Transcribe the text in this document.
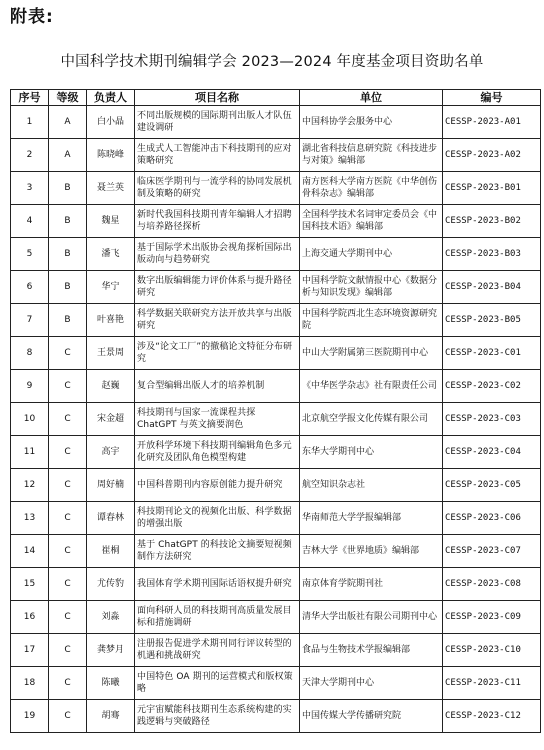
附表:
中国科学技术期刊编辑学会 2023—2024 年度基金项目资助名单
序号	等级	负责人	项目名称	单位	编号
1	A	白小晶	不同出版规模的国际期刊出版人才队伍建设调研	中国科协学会服务中心	CESSP-2023-A01
2	A	陈晓峰	生成式人工智能冲击下科技期刊的应对策略研究	湖北省科技信息研究院《科技进步与对策》编辑部	CESSP-2023-A02
3	B	聂兰英	临床医学期刊与一流学科的协同发展机制及策略的研究	南方医科大学南方医院《中华创伤骨科杂志》编辑部	CESSP-2023-B01
4	B	魏星	新时代我国科技期刊青年编辑人才招聘与培养路径探析	全国科学技术名词审定委员会《中国科技术语》编辑部	CESSP-2023-B02
5	B	潘飞	基于国际学术出版协会视角探析国际出版动向与趋势研究	上海交通大学期刊中心	CESSP-2023-B03
6	B	华宁	数字出版编辑能力评价体系与提升路径研究	中国科学院文献情报中心《数据分析与知识发现》编辑部	CESSP-2023-B04
7	B	叶喜艳	科学数据关联研究方法开放共享与出版研究	中国科学院西北生态环境资源研究院	CESSP-2023-B05
8	C	王景周	涉及“论文工厂”的撤稿论文特征分布研究	中山大学附属第三医院期刊中心	CESSP-2023-C01
9	C	赵巍	复合型编辑出版人才的培养机制	《中华医学杂志》社有限责任公司	CESSP-2023-C02
10	C	宋金超	科技期刊与国家一流课程共探 ChatGPT 与英文摘要润色	北京航空学报文化传媒有限公司	CESSP-2023-C03
11	C	高宇	开放科学环境下科技期刊编辑角色多元化研究及团队角色模型构建	东华大学期刊中心	CESSP-2023-C04
12	C	周好楠	中国科普期刊内容原创能力提升研究	航空知识杂志社	CESSP-2023-C05
13	C	谭春林	科技期刊论文的视频化出版、科学数据的增强出版	华南师范大学学报编辑部	CESSP-2023-C06
14	C	崔桐	基于 ChatGPT 的科技论文摘要短视频制作方法研究	吉林大学《世界地质》编辑部	CESSP-2023-C07
15	C	尤传豹	我国体育学术期刊国际话语权提升研究	南京体育学院期刊社	CESSP-2023-C08
16	C	刘淼	面向科研人员的科技期刊高质量发展目标和措施调研	清华大学出版社有限公司期刊中心	CESSP-2023-C09
17	C	龚梦月	注册报告促进学术期刊同行评议转型的机遇和挑战研究	食品与生物技术学报编辑部	CESSP-2023-C10
18	C	陈曦	中国特色 OA 期刊的运营模式和版权策略	天津大学期刊中心	CESSP-2023-C11
19	C	胡骞	元宇宙赋能科技期刊生态系统构建的实践逻辑与突破路径	中国传媒大学传播研究院	CESSP-2023-C12
